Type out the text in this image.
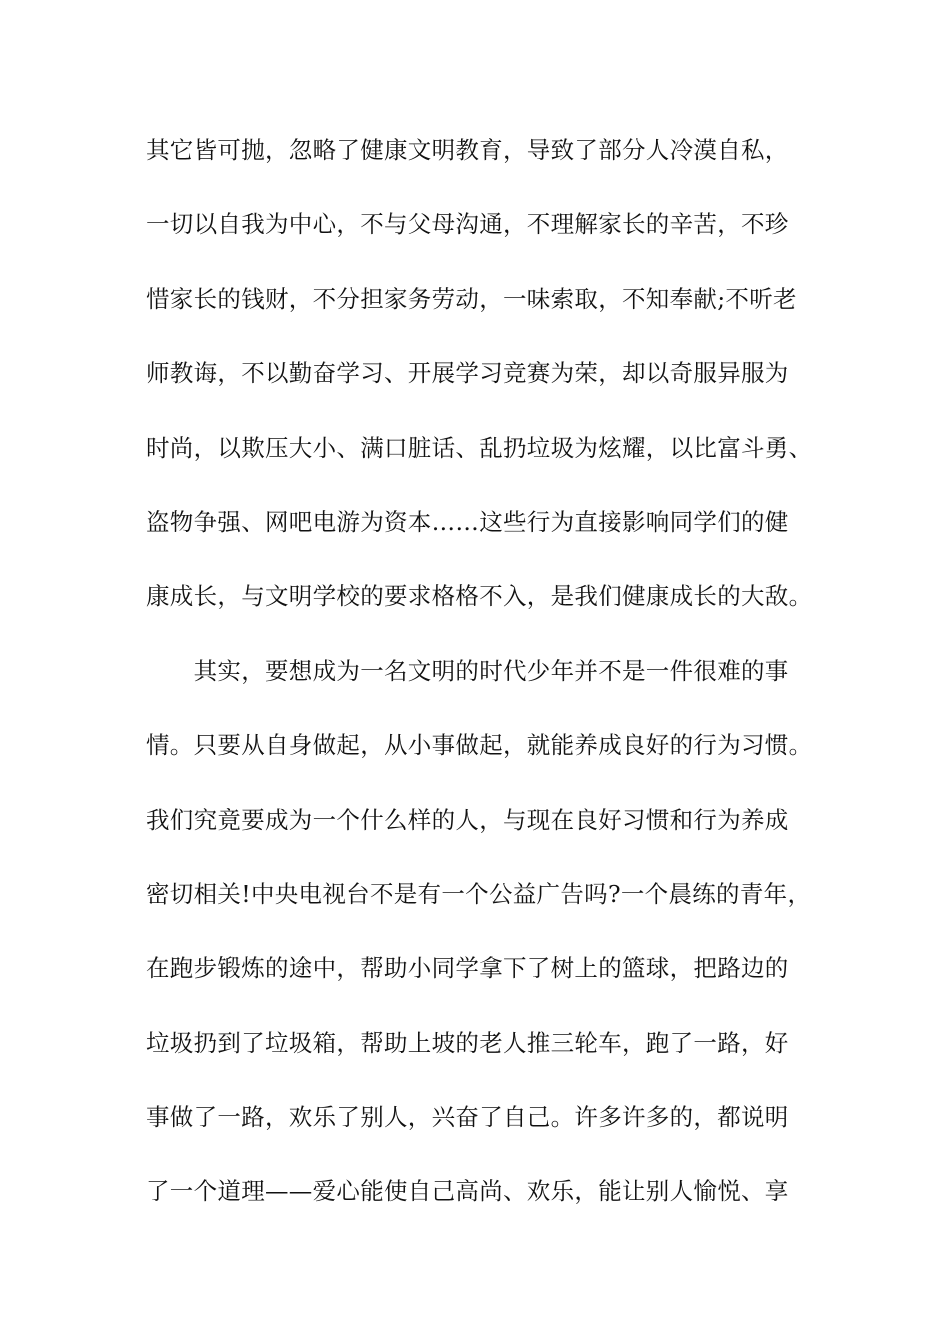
其它皆可抛，忽略了健康文明教育，导致了部分人冷漠自私，
一切以自我为中心，不与父母沟通，不理解家长的辛苦，不珍
惜家长的钱财，不分担家务劳动，一味索取，不知奉献;不听老
师教诲，不以勤奋学习、开展学习竞赛为荣，却以奇服异服为
时尚，以欺压大小、满口脏话、乱扔垃圾为炫耀，以比富斗勇、
盗物争强、网吧电游为资本……这些行为直接影响同学们的健
康成长，与文明学校的要求格格不入，是我们健康成长的大敌。
　　其实，要想成为一名文明的时代少年并不是一件很难的事
情。只要从自身做起，从小事做起，就能养成良好的行为习惯。
我们究竟要成为一个什么样的人，与现在良好习惯和行为养成
密切相关!中央电视台不是有一个公益广告吗?一个晨练的青年，
在跑步锻炼的途中，帮助小同学拿下了树上的篮球，把路边的
垃圾扔到了垃圾箱，帮助上坡的老人推三轮车，跑了一路，好
事做了一路，欢乐了别人，兴奋了自己。许多许多的，都说明
了一个道理——爱心能使自己高尚、欢乐，能让别人愉悦、享
